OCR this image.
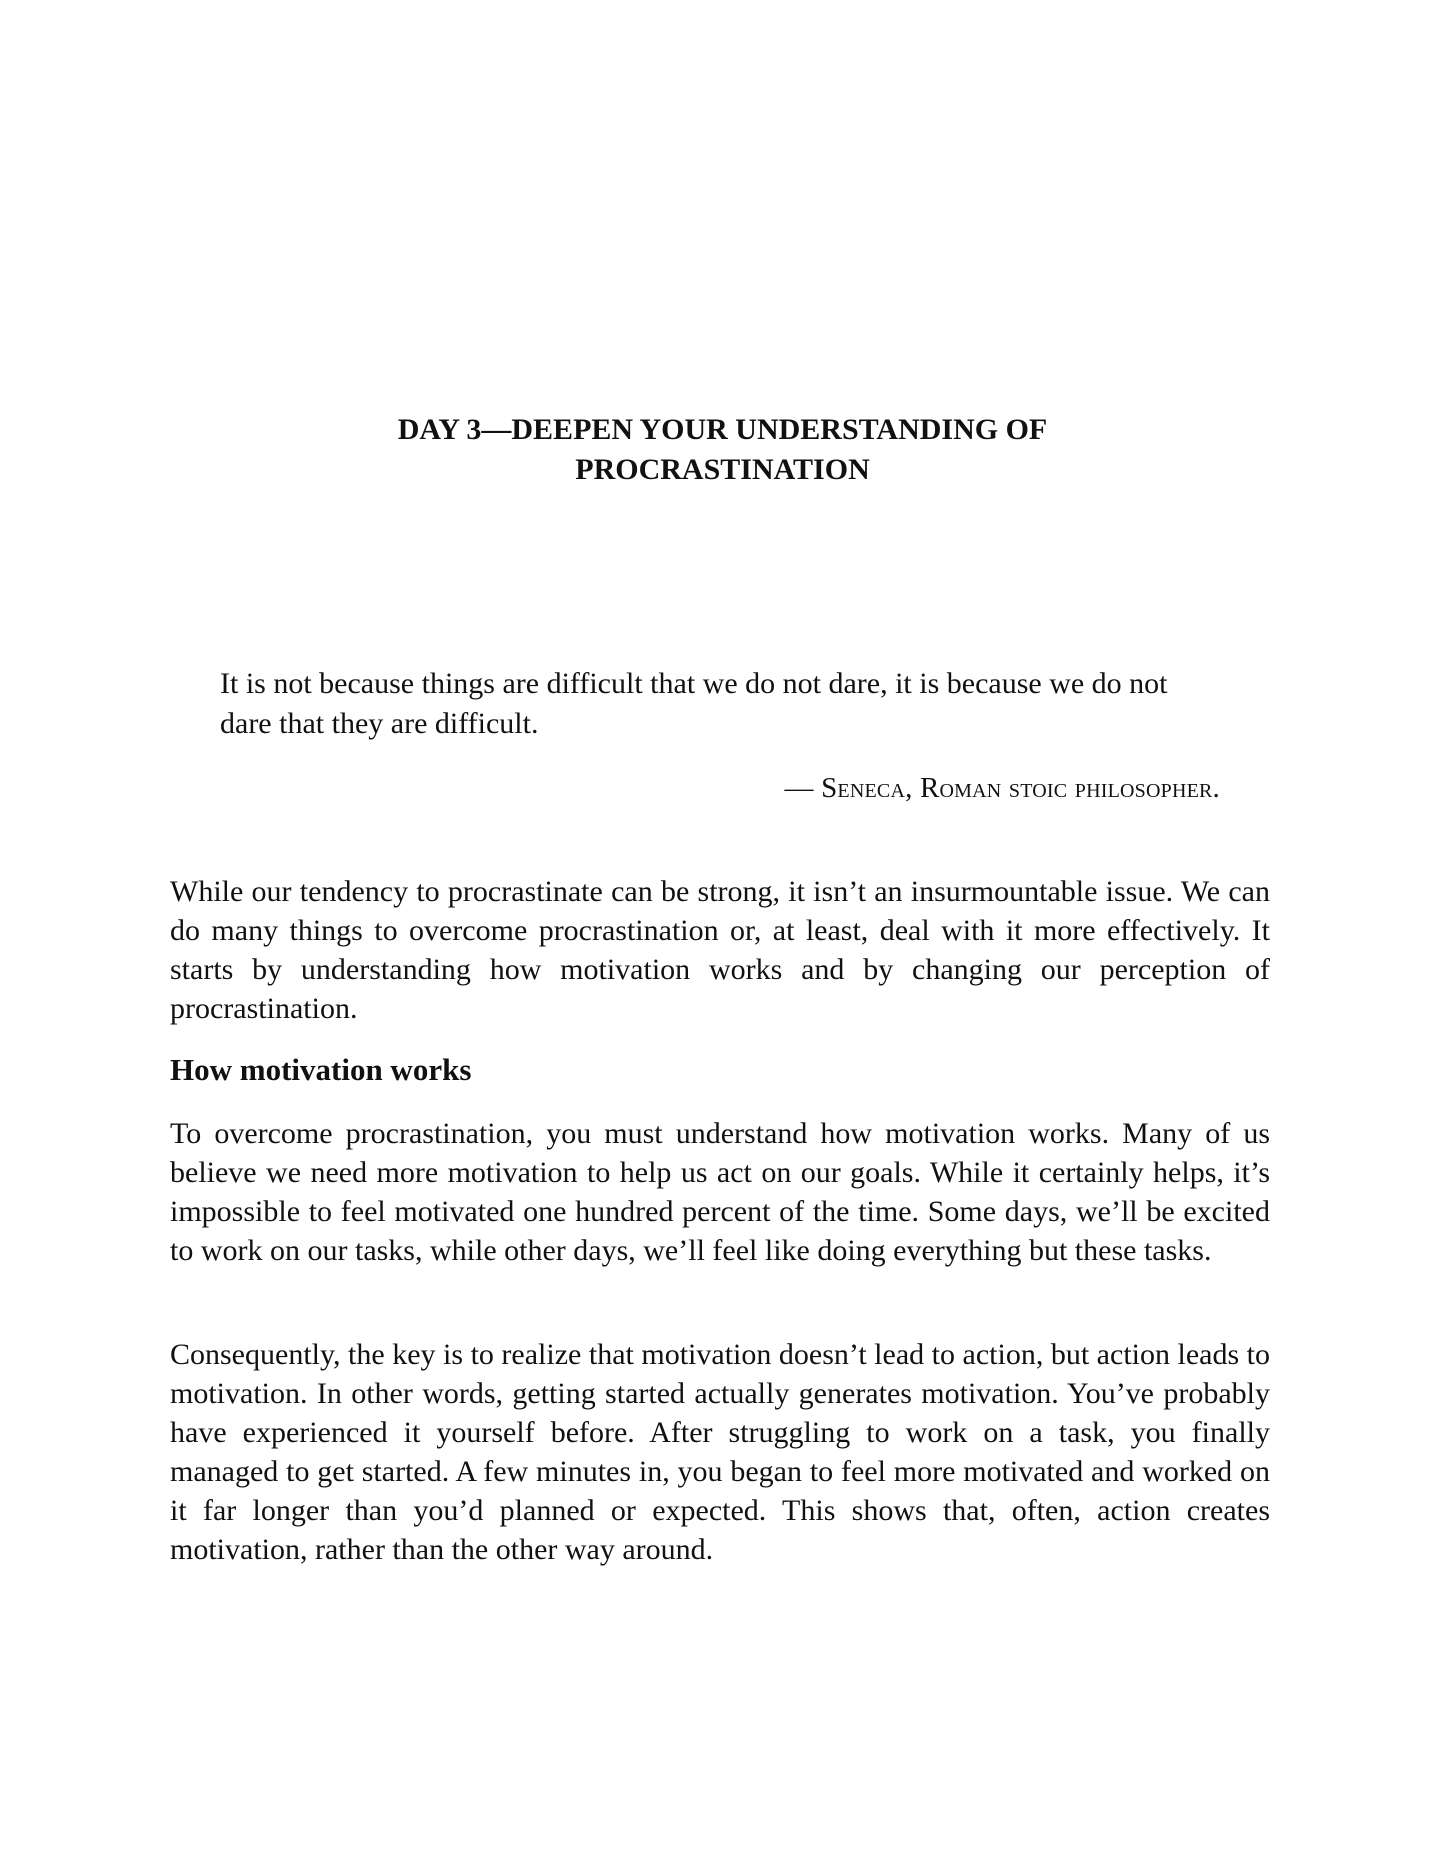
DAY 3—DEEPEN YOUR UNDERSTANDING OF
PROCRASTINATION

It is not because things are difficult that we do not dare, it is because we do not dare that they are difficult.

— Seneca, Roman stoic philosopher.

While our tendency to procrastinate can be strong, it isn’t an insurmountable issue. We can do many things to overcome procrastination or, at least, deal with it more effectively. It starts by understanding how motivation works and by changing our perception of procrastination.

How motivation works

To overcome procrastination, you must understand how motivation works. Many of us believe we need more motivation to help us act on our goals. While it certainly helps, it’s impossible to feel motivated one hundred percent of the time. Some days, we’ll be excited to work on our tasks, while other days, we’ll feel like doing everything but these tasks.

Consequently, the key is to realize that motivation doesn’t lead to action, but action leads to motivation. In other words, getting started actually generates motivation. You’ve probably have experienced it yourself before. After struggling to work on a task, you finally managed to get started. A few minutes in, you began to feel more motivated and worked on it far longer than you’d planned or expected. This shows that, often, action creates motivation, rather than the other way around.
